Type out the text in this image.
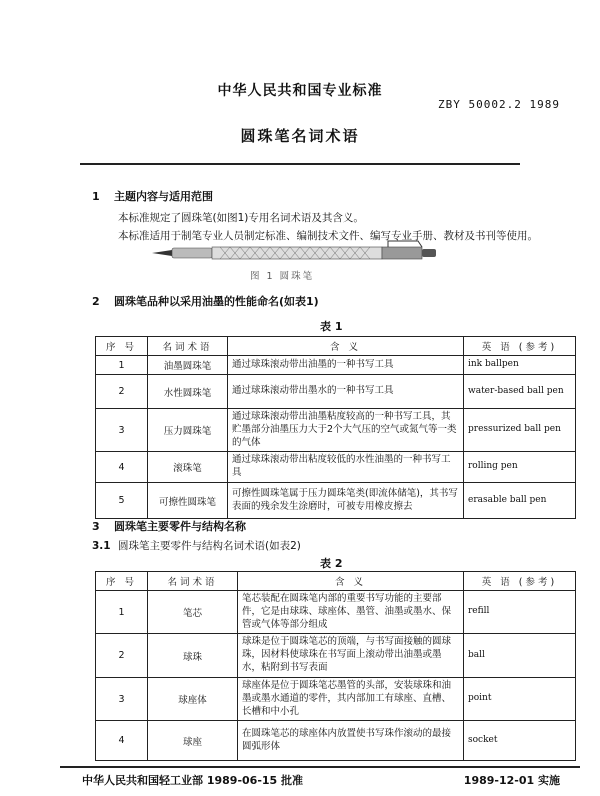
中华人民共和国专业标准
ZBY 50002.2 1989
圆珠笔名词术语
1 主题内容与适用范围
本标准规定了圆珠笔(如图1)专用名词术语及其含义。
本标准适用于制笔专业人员制定标准、编制技术文件、编写专业手册、教材及书刊等使用。
图 1 圆珠笔
2 圆珠笔品种以采用油墨的性能命名(如表1)
表 1
序 号	名词术语	含 义	英 语 (参考)
1	油墨圆珠笔	通过球珠滚动带出油墨的一种书写工具	ink ballpen
2	水性圆珠笔	通过球珠滚动带出墨水的一种书写工具	water-based ball pen
3	压力圆珠笔	通过球珠滚动带出油墨粘度较高的一种书写工具，其贮墨部分油墨压力大于2个大气压的空气或氮气等一类的气体	pressurized ball pen
4	滚珠笔	通过球珠滚动带出粘度较低的水性油墨的一种书写工具	rolling pen
5	可擦性圆珠笔	可擦性圆珠笔属于压力圆珠笔类(即流体储笔)，其书写表面的残余发生涂磨时，可被专用橡皮擦去	erasable ball pen
3 圆珠笔主要零件与结构名称
3.1 圆珠笔主要零件与结构名词术语(如表2)
表 2
序 号	名词术语	含 义	英 语 (参考)
1	笔芯	笔芯装配在圆珠笔内部的重要书写功能的主要部件，它是由球珠、球座体、墨管、油墨或墨水、保管或气体等部分组成	refill
2	球珠	球珠是位于圆珠笔芯的顶端，与书写面接触的圆球珠，因材料使球珠在书写面上滚动带出油墨或墨水，粘附到书写表面	ball
3	球座体	球座体是位于圆珠笔芯墨管的头部，安装球珠和油墨或墨水通道的零件，其内部加工有球座、直槽、长槽和中小孔	point
4	球座	在圆珠笔芯的球座体内放置使书写珠作滚动的最接圆弧形体	socket
中华人民共和国轻工业部 1989-06-15 批准	1989-12-01 实施
